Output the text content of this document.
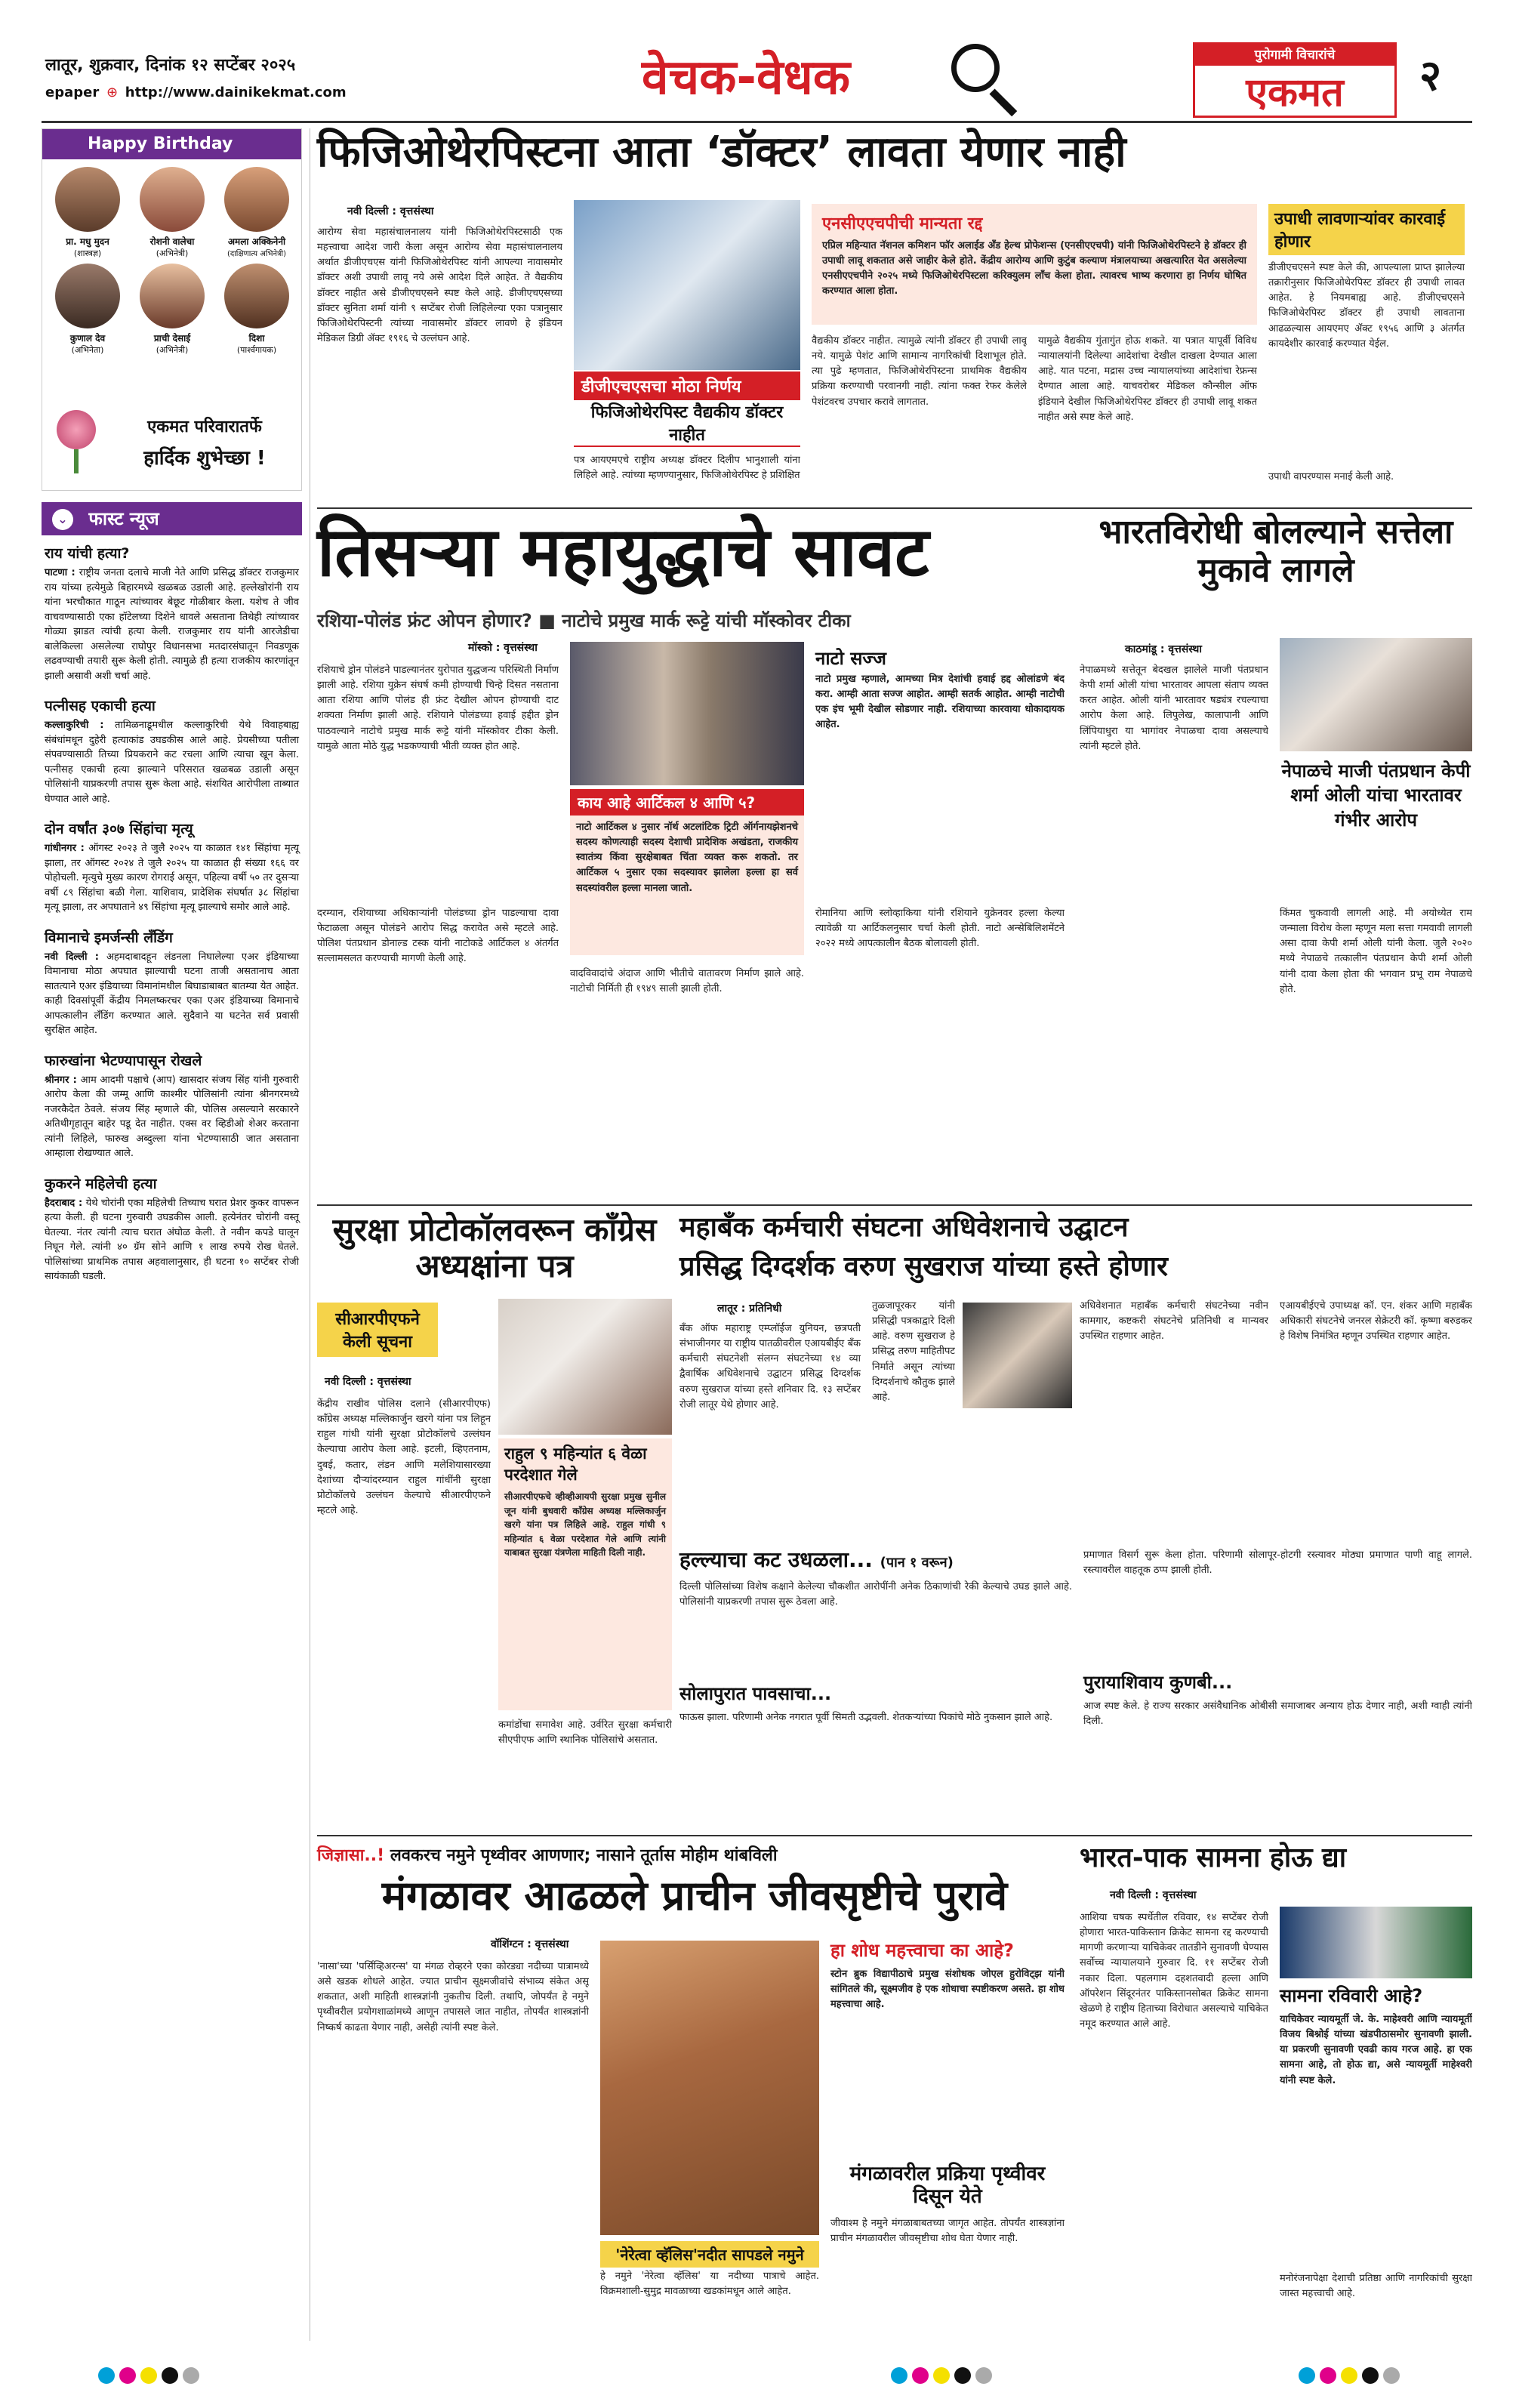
लातूर, शुक्रवार, दिनांक १२ सप्टेंबर २०२५
epaper ⊕ http://www.dainikekmat.com	वेचक-वेधक	पुरोगामी विचारांचे
एकमत	२
Happy Birthday
प्रा. मधु मुदन
(शास्त्रज्ञ)
रोशनी वालेचा
(अभिनेत्री)
अमला अक्किनेनी
(दाक्षिणात्य अभिनेत्री)
कुणाल देव
(अभिनेता)
प्राची देसाई
(अभिनेत्री)
दिशा
(पार्श्वगायक)
एकमत परिवारातर्फे
हार्दिक शुभेच्छा !
⌄ फास्ट न्यूज
राय यांची हत्या?
पाटणा : राष्ट्रीय जनता दलाचे माजी नेते आणि प्रसिद्ध डॉक्टर राजकुमार राय यांच्या हत्येमुळे बिहारमध्ये खळबळ उडाली आहे. हल्लेखोरांनी राय यांना भरचौकात गाठून त्यांच्यावर बेछूट गोळीबार केला. यशेच ते जीव वाचवण्यासाठी एका हॉटेलच्या दिशेने धावले असताना तिथेही त्यांच्यावर गोळ्या झाडत त्यांची हत्या केली. राजकुमार राय यांनी आरजेडीचा बालेकिल्ला असलेल्या राघोपुर विधानसभा मतदारसंघातून निवडणूक लढवण्याची तयारी सुरू केली होती. त्यामुळे ही हत्या राजकीय कारणांतून झाली असावी अशी चर्चा आहे.
पत्नीसह एकाची हत्या
कल्लाकुरिची : तामिळनाडूमधील कल्लाकुरिची येथे विवाहबाह्य संबंधांमधून दुहेरी हत्याकांड उघडकीस आले आहे. प्रेयसीच्या पतीला संपवण्यासाठी तिच्या प्रियकराने कट रचला आणि त्याचा खून केला. पत्नीसह एकाची हत्या झाल्याने परिसरात खळबळ उडाली असून पोलिसांनी याप्रकरणी तपास सुरू केला आहे. संशयित आरोपीला ताब्यात घेण्यात आले आहे.
दोन वर्षांत ३०७ सिंहांचा मृत्यू
गांधीनगर : ऑगस्ट २०२३ ते जुलै २०२५ या काळात १४१ सिंहांचा मृत्यू झाला, तर ऑगस्ट २०२४ ते जुलै २०२५ या काळात ही संख्या १६६ वर पोहोचली. मृत्युचे मुख्य कारण रोगराई असून, पहिल्या वर्षी ५० तर दुसऱ्या वर्षी ८९ सिंहांचा बळी गेला. याशिवाय, प्रादेशिक संघर्षात ३८ सिंहांचा मृत्यू झाला, तर अपघाताने ४९ सिंहांचा मृत्यू झाल्याचे समोर आले आहे.
विमानाचे इमर्जन्सी लँडिंग
नवी दिल्ली : अहमदाबादहून लंडनला निघालेल्या एअर इंडियाच्या विमानाचा मोठा अपघात झाल्याची घटना ताजी असतानाच आता सातत्याने एअर इंडियाच्या विमानांमधील बिघाडाबाबत बातम्या येत आहेत. काही दिवसांपूर्वी केंद्रीय निमलष्करचर एका एअर इंडियाच्या विमानाचे आपत्कालीन लँडिंग करण्यात आले. सुदैवाने या घटनेत सर्व प्रवासी सुरक्षित आहेत.
फारुखांना भेटण्यापासून रोखले
श्रीनगर : आम आदमी पक्षाचे (आप) खासदार संजय सिंह यांनी गुरुवारी आरोप केला की जम्मू आणि काश्मीर पोलिसांनी त्यांना श्रीनगरमध्ये नजरकैदेत ठेवले. संजय सिंह म्हणाले की, पोलिस असल्याने सरकारने अतिथीगृहातून बाहेर पडू देत नाहीत. एक्स वर व्हिडीओ शेअर करताना त्यांनी लिहिले, फारुख अब्दुल्ला यांना भेटण्यासाठी जात असताना आम्हाला रोखण्यात आले.
कुकरने महिलेची हत्या
हैदराबाद : येथे चोरांनी एका महिलेची तिच्याच घरात प्रेशर कुकर वापरून हत्या केली. ही घटना गुरुवारी उघडकीस आली. हत्येनंतर चोरांनी वस्तू घेतल्या. नंतर त्यांनी त्याच घरात अंघोळ केली. ते नवीन कपडे घालून निघून गेले. त्यांनी ४० ग्रॅम सोने आणि १ लाख रुपये रोख घेतले. पोलिसांच्या प्राथमिक तपास अहवालानुसार, ही घटना १० सप्टेंबर रोजी सायंकाळी घडली.
फिजिओथेरपिस्टना आता ‘डॉक्टर’ लावता येणार नाही
नवी दिल्ली : वृत्तसंस्था
आरोग्य सेवा महासंचालनालय यांनी फिजिओथेरपिस्टसाठी एक महत्त्वाचा आदेश जारी केला असून आरोग्य सेवा महासंचालनालय अर्थात डीजीएचएस यांनी फिजिओथेरपिस्ट यांनी आपल्या नावासमोर डॉक्टर अशी उपाधी लावू नये असे आदेश दिले आहेत. ते वैद्यकीय डॉक्टर नाहीत असे डीजीएचएसने स्पष्ट केले आहे. डीजीएचएसच्या डॉक्टर सुनिता शर्मा यांनी ९ सप्टेंबर रोजी लिहिलेल्या एका पत्रानुसार फिजिओथेरपिस्टनी त्यांच्या नावासमोर डॉक्टर लावणे हे इंडियन मेडिकल डिग्री ॲक्ट १९१६ चे उल्लंघन आहे.
डीजीएचएसचा मोठा निर्णय
फिजिओथेरपिस्ट वैद्यकीय डॉक्टर नाहीत
पत्र आयएमएचे राष्ट्रीय अध्यक्ष डॉक्टर दिलीप भानुशाली यांना लिहिले आहे. त्यांच्या म्हणण्यानुसार, फिजिओथेरपिस्ट हे प्रशिक्षित
एनसीएएचपीची मान्यता रद्द
एप्रिल महिन्यात नॅशनल कमिशन फॉर अलाईड अँड हेल्थ प्रोफेशन्स (एनसीएएचपी) यांनी फिजिओथेरपिस्टने हे डॉक्टर ही उपाधी लावू शकतात असे जाहीर केले होते. केंद्रीय आरोग्य आणि कुटुंब कल्याण मंत्रालयाच्या अखत्यारित येत असलेल्या एनसीएएचपीने २०२५ मध्ये फिजिओथेरपिस्टला करिक्युलम लॉंच केला होता. त्यावरच भाष्य करणारा हा निर्णय घोषित करण्यात आला होता.
वैद्यकीय डॉक्टर नाहीत. त्यामुळे त्यांनी डॉक्टर ही उपाधी लावू नये. यामुळे पेशंट आणि सामान्य नागरिकांची दिशाभूल होते. त्या पुढे म्हणतात, फिजिओथेरपिस्टना प्राथमिक वैद्यकीय प्रक्रिया करण्याची परवानगी नाही. त्यांना फक्त रेफर केलेले पेशंटवरच उपचार करावे लागतात.
यामुळे वैद्यकीय गुंतागुंत होऊ शकते. या पत्रात यापूर्वी विविध न्यायालयांनी दिलेल्या आदेशांचा देखील दाखला देण्यात आला आहे. यात पटना, मद्रास उच्च न्यायालयांच्या आदेशांचा रेफ्रन्स देण्यात आला आहे. याचवरोबर मेडिकल कौन्सील ऑफ इंडियाने देखील फिजिओथेरपिस्ट डॉक्टर ही उपाधी लावू शकत नाहीत असे स्पष्ट केले आहे.
उपाधी लावणाऱ्यांवर कारवाई होणार
डीजीएचएसने स्पष्ट केले की, आपल्याला प्राप्त झालेल्या तक्रारीनुसार फिजिओथेरपिस्ट डॉक्टर ही उपाधी लावत आहेत. हे नियमबाह्य आहे. डीजीएचएसने फिजिओथेरपिस्ट डॉक्टर ही उपाधी लावताना आढळल्यास आयएमए ॲक्ट १९५६ आणि ३ अंतर्गत कायदेशीर कारवाई करण्यात येईल.
उपाधी वापरण्यास मनाई केली आहे.
तिसऱ्या महायुद्धाचे सावट
रशिया-पोलंड फ्रंट ओपन होणार? ■ नाटोचे प्रमुख मार्क रूट्टे यांची मॉस्कोवर टीका
मॉस्को : वृत्तसंस्था
रशियाचे ड्रोन पोलंडने पाडल्यानंतर युरोपात युद्धजन्य परिस्थिती निर्माण झाली आहे. रशिया युक्रेन संघर्ष कमी होण्याची चिन्हे दिसत नसताना आता रशिया आणि पोलंड ही फ्रंट देखील ओपन होण्याची दाट शक्यता निर्माण झाली आहे. रशियाने पोलंडच्या हवाई हद्दीत ड्रोन पाठवल्याने नाटोचे प्रमुख मार्क रूट्टे यांनी मॉस्कोवर टीका केली. यामुळे आता मोठे युद्ध भडकण्याची भीती व्यक्त होत आहे.
दरम्यान, रशियाच्या अधिकाऱ्यांनी पोलंडच्या ड्रोन पाडल्याचा दावा फेटाळला असून पोलंडने आरोप सिद्ध करावेत असे म्हटले आहे. पोलिश पंतप्रधान डोनाल्ड टस्क यांनी नाटोकडे आर्टिकल ४ अंतर्गत सल्लामसलत करण्याची मागणी केली आहे.
काय आहे आर्टिकल ४ आणि ५?
नाटो आर्टिकल ४ नुसार नॉर्थ अटलांटिक ट्रिटी ऑर्गनायझेशनचे सदस्य कोणत्याही सदस्य देशाची प्रादेशिक अखंडता, राजकीय स्वातंत्र्य किंवा सुरक्षेबाबत चिंता व्यक्त करू शकतो. तर आर्टिकल ५ नुसार एका सदस्यावर झालेला हल्ला हा सर्व सदस्यांवरील हल्ला मानला जातो.
वादविवादांचे अंदाज आणि भीतीचे वातावरण निर्माण झाले आहे. नाटोची निर्मिती ही १९४९ साली झाली होती.
नाटो सज्ज
नाटो प्रमुख म्हणाले, आमच्या मित्र देशांची हवाई हद्द ओलांडणे बंद करा. आम्ही आता सज्ज आहोत. आम्ही सतर्क आहोत. आम्ही नाटोची एक इंच भूमी देखील सोडणार नाही. रशियाच्या कारवाया धोकादायक आहेत.
रोमानिया आणि स्लोव्हाकिया यांनी रशियाने युक्रेनवर हल्ला केल्या त्यावेळी या आर्टिकलनुसार चर्चा केली होती. नाटो अन्सेबिलिशमेंटने २०२२ मध्ये आपत्कालीन बैठक बोलावली होती.
भारतविरोधी बोलल्याने सत्तेला मुकावे लागले
काठमांडू : वृत्तसंस्था
नेपाळमध्ये सत्तेतून बेदखल झालेले माजी पंतप्रधान केपी शर्मा ओली यांचा भारतावर आपला संताप व्यक्त करत आहेत. ओली यांनी भारतावर षड्यंत्र रचल्याचा आरोप केला आहे. लिपुलेख, कालापानी आणि लिंपियाधुरा या भागांवर नेपाळचा दावा असल्याचे त्यांनी म्हटले होते.
नेपाळचे माजी पंतप्रधान केपी शर्मा ओली यांचा भारतावर गंभीर आरोप
किंमत चुकवावी लागली आहे. मी अयोध्येत राम जन्माला विरोध केला म्हणून मला सत्ता गमवावी लागली असा दावा केपी शर्मा ओली यांनी केला. जुलै २०२० मध्ये नेपाळचे तत्कालीन पंतप्रधान केपी शर्मा ओली यांनी दावा केला होता की भगवान प्रभू राम नेपाळचे होते.
सुरक्षा प्रोटोकॉलवरून काँग्रेस अध्यक्षांना पत्र
सीआरपीएफने केली सूचना
नवी दिल्ली : वृत्तसंस्था
केंद्रीय राखीव पोलिस दलाने (सीआरपीएफ) काँग्रेस अध्यक्ष मल्लिकार्जुन खरगे यांना पत्र लिहून राहुल गांधी यांनी सुरक्षा प्रोटोकॉलचे उल्लंघन केल्याचा आरोप केला आहे. इटली, व्हिएतनाम, दुबई, कतार, लंडन आणि मलेशियासारख्या देशांच्या दौऱ्यांदरम्यान राहुल गांधींनी सुरक्षा प्रोटोकॉलचे उल्लंघन केल्याचे सीआरपीएफने म्हटले आहे.
राहुल ९ महिन्यांत ६ वेळा परदेशात गेले
सीआरपीएफचे व्हीव्हीआयपी सुरक्षा प्रमुख सुनील जून यांनी बुधवारी काँग्रेस अध्यक्ष मल्लिकार्जुन खरगे यांना पत्र लिहिले आहे. राहुल गांधी ९ महिन्यांत ६ वेळा परदेशात गेले आणि त्यांनी याबाबत सुरक्षा यंत्रणेला माहिती दिली नाही.
कमांडोंचा समावेश आहे. उर्वरित सुरक्षा कर्मचारी सीएपीएफ आणि स्थानिक पोलिसांचे असतात.
महाबँक कर्मचारी संघटना अधिवेशनाचे उद्घाटन
प्रसिद्ध दिग्दर्शक वरुण सुखराज यांच्या हस्ते होणार
लातूर : प्रतिनिधी
बँक ऑफ महाराष्ट्र एम्प्लॉईज युनियन, छत्रपती संभाजीनगर या राष्ट्रीय पातळीवरील एआयबीईए बँक कर्मचारी संघटनेशी संलग्न संघटनेच्या १४ व्या द्वैवार्षिक अधिवेशनाचे उद्घाटन प्रसिद्ध दिग्दर्शक वरुण सुखराज यांच्या हस्ते शनिवार दि. १३ सप्टेंबर रोजी लातूर येथे होणार आहे.
तुळजापूरकर यांनी प्रसिद्धी पत्रकाद्वारे दिली आहे. वरुण सुखराज हे प्रसिद्ध तरुण माहितीपट निर्माते असून त्यांच्या दिग्दर्शनाचे कौतुक झाले आहे.
अधिवेशनात महाबँक कर्मचारी संघटनेच्या नवीन कामगार, कष्टकरी संघटनेचे प्रतिनिधी व मान्यवर उपस्थित राहणार आहेत.
एआयबीईएचे उपाध्यक्ष कॉ. एन. शंकर आणि महाबँक अधिकारी संघटनेचे जनरल सेक्रेटरी कॉ. कृष्णा बरुडकर हे विशेष निमंत्रित म्हणून उपस्थित राहणार आहेत.
हल्ल्याचा कट उधळला... (पान १ वरून)
दिल्ली पोलिसांच्या विशेष कक्षाने केलेल्या चौकशीत आरोपींनी अनेक ठिकाणांची रेकी केल्याचे उघड झाले आहे. पोलिसांनी याप्रकरणी तपास सुरू ठेवला आहे.
सोलापुरात पावसाचा...
फाऊस झाला. परिणामी अनेक नगरात पूर्वी सिमती उद्भवली. शेतकऱ्यांच्या पिकांचे मोठे नुकसान झाले आहे.
प्रमाणात विसर्ग सुरू केला होता. परिणामी सोलापूर-होटगी रस्त्यावर मोठ्या प्रमाणात पाणी वाहू लागले. रस्त्यावरील वाहतूक ठप्प झाली होती.
पुरायाशिवाय कुणबी...
आज स्पष्ट केले. हे राज्य सरकार असंवैधानिक ओबीसी समाजाबर अन्याय होऊ देणार नाही, अशी ग्वाही त्यांनी दिली.
जिज्ञासा..! लवकरच नमुने पृथ्वीवर आणणार; नासाने तूर्तास मोहीम थांबविली
मंगळावर आढळले प्राचीन जीवसृष्टीचे पुरावे
वॉशिंग्टन : वृत्तसंस्था
'नासा'च्या 'पर्सिव्हिअरन्स' या मंगळ रोव्हरने एका कोरड्या नदीच्या पात्रामध्ये असे खडक शोधले आहेत. ज्यात प्राचीन सूक्ष्मजीवांचे संभाव्य संकेत असू शकतात, अशी माहिती शास्त्रज्ञांनी नुकतीच दिली. तथापि, जोपर्यंत हे नमुने पृथ्वीवरील प्रयोगशाळांमध्ये आणून तपासले जात नाहीत, तोपर्यंत शास्त्रज्ञांनी निष्कर्ष काढता येणार नाही, असेही त्यांनी स्पष्ट केले.
'नेरेत्वा व्हॅलिस'नदीत सापडले नमुने
हे नमुने 'नेरेत्वा व्हॅलिस' या नदीच्या पात्राचे आहेत. विक्रमशाली-सुमुद्र मावळाच्या खडकांमधून आले आहेत.
हा शोध महत्त्वाचा का आहे?
स्टोन ब्रुक विद्यापीठाचे प्रमुख संशोधक जोएल हुरोविट्झ यांनी सांगितले की, सूक्ष्मजीव हे एक शोधाचा स्पष्टीकरण असते. हा शोध महत्त्वाचा आहे.
मंगळावरील प्रक्रिया पृथ्वीवर दिसून येते
जीवाश्म हे नमुने मंगळाबाबतच्या जागृत आहेत. तोपर्यंत शास्त्रज्ञांना प्राचीन मंगळावरील जीवसृष्टीचा शोध घेता येणार नाही.
भारत-पाक सामना होऊ द्या
नवी दिल्ली : वृत्तसंस्था
आशिया चषक स्पर्धेतील रविवार, १४ सप्टेंबर रोजी होणारा भारत-पाकिस्तान क्रिकेट सामना रद्द करण्याची मागणी करणाऱ्या याचिकेवर तातडीने सुनावणी घेण्यास सर्वोच्च न्यायालयाने गुरुवार दि. ११ सप्टेंबर रोजी नकार दिला. पहलगाम दहशतवादी हल्ला आणि ऑपरेशन सिंदूरनंतर पाकिस्तानसोबत क्रिकेट सामना खेळणे हे राष्ट्रीय हिताच्या विरोधात असल्याचे याचिकेत नमूद करण्यात आले आहे.
सामना रविवारी आहे?
याचिकेवर न्यायमूर्ती जे. के. माहेश्वरी आणि न्यायमूर्ती विजय बिश्नोई यांच्या खंडपीठासमोर सुनावणी झाली. या प्रकरणी सुनावणी एवढी काय गरज आहे. हा एक सामना आहे, तो होऊ द्या, असे न्यायमूर्ती माहेश्वरी यांनी स्पष्ट केले.
मनोरंजनापेक्षा देशाची प्रतिष्ठा आणि नागरिकांची सुरक्षा जास्त महत्त्वाची आहे.
